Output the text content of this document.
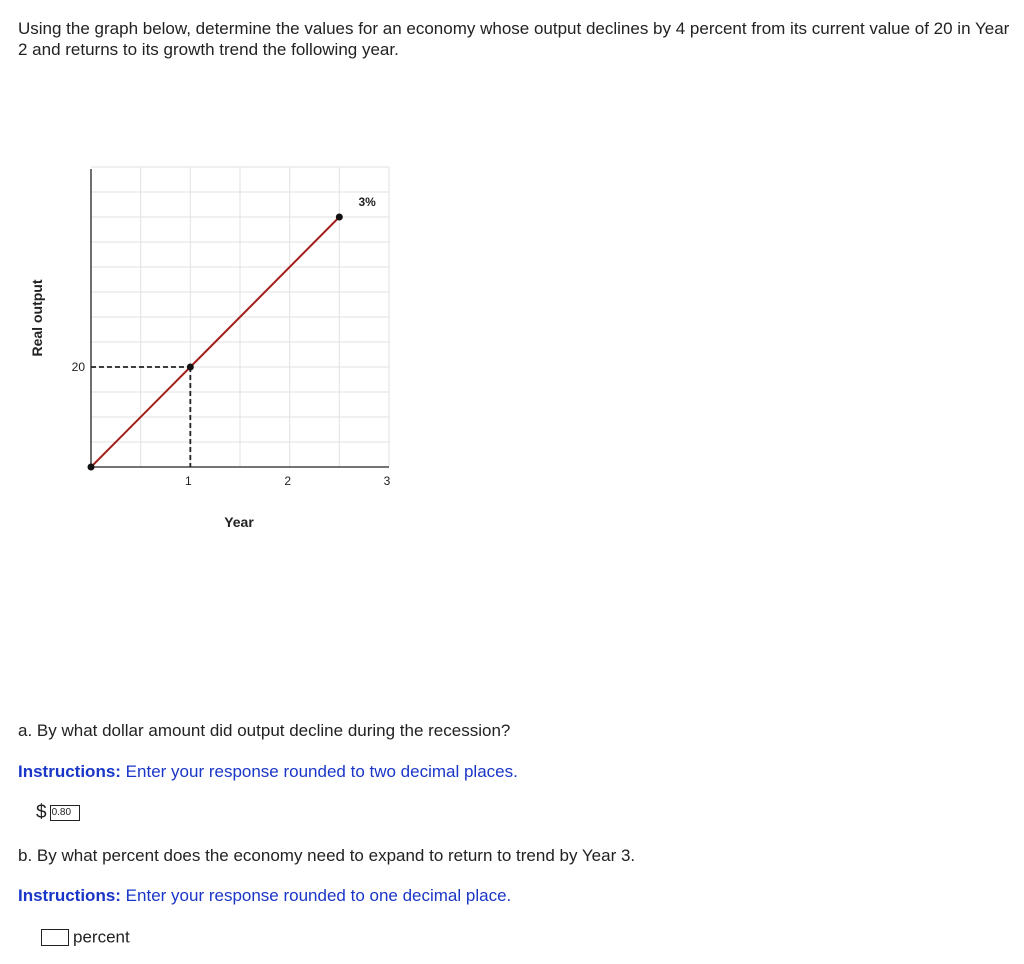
Using the graph below, determine the values for an economy whose output declines by 4 percent from its current value of 20 in Year 2 and returns to its growth trend the following year.
1	2	3
20
3%
Year
Real output
a. By what dollar amount did output decline during the recession?
Instructions: Enter your response rounded to two decimal places.
$ 0.80
b. By what percent does the economy need to expand to return to trend by Year 3.
Instructions: Enter your response rounded to one decimal place.
percent
